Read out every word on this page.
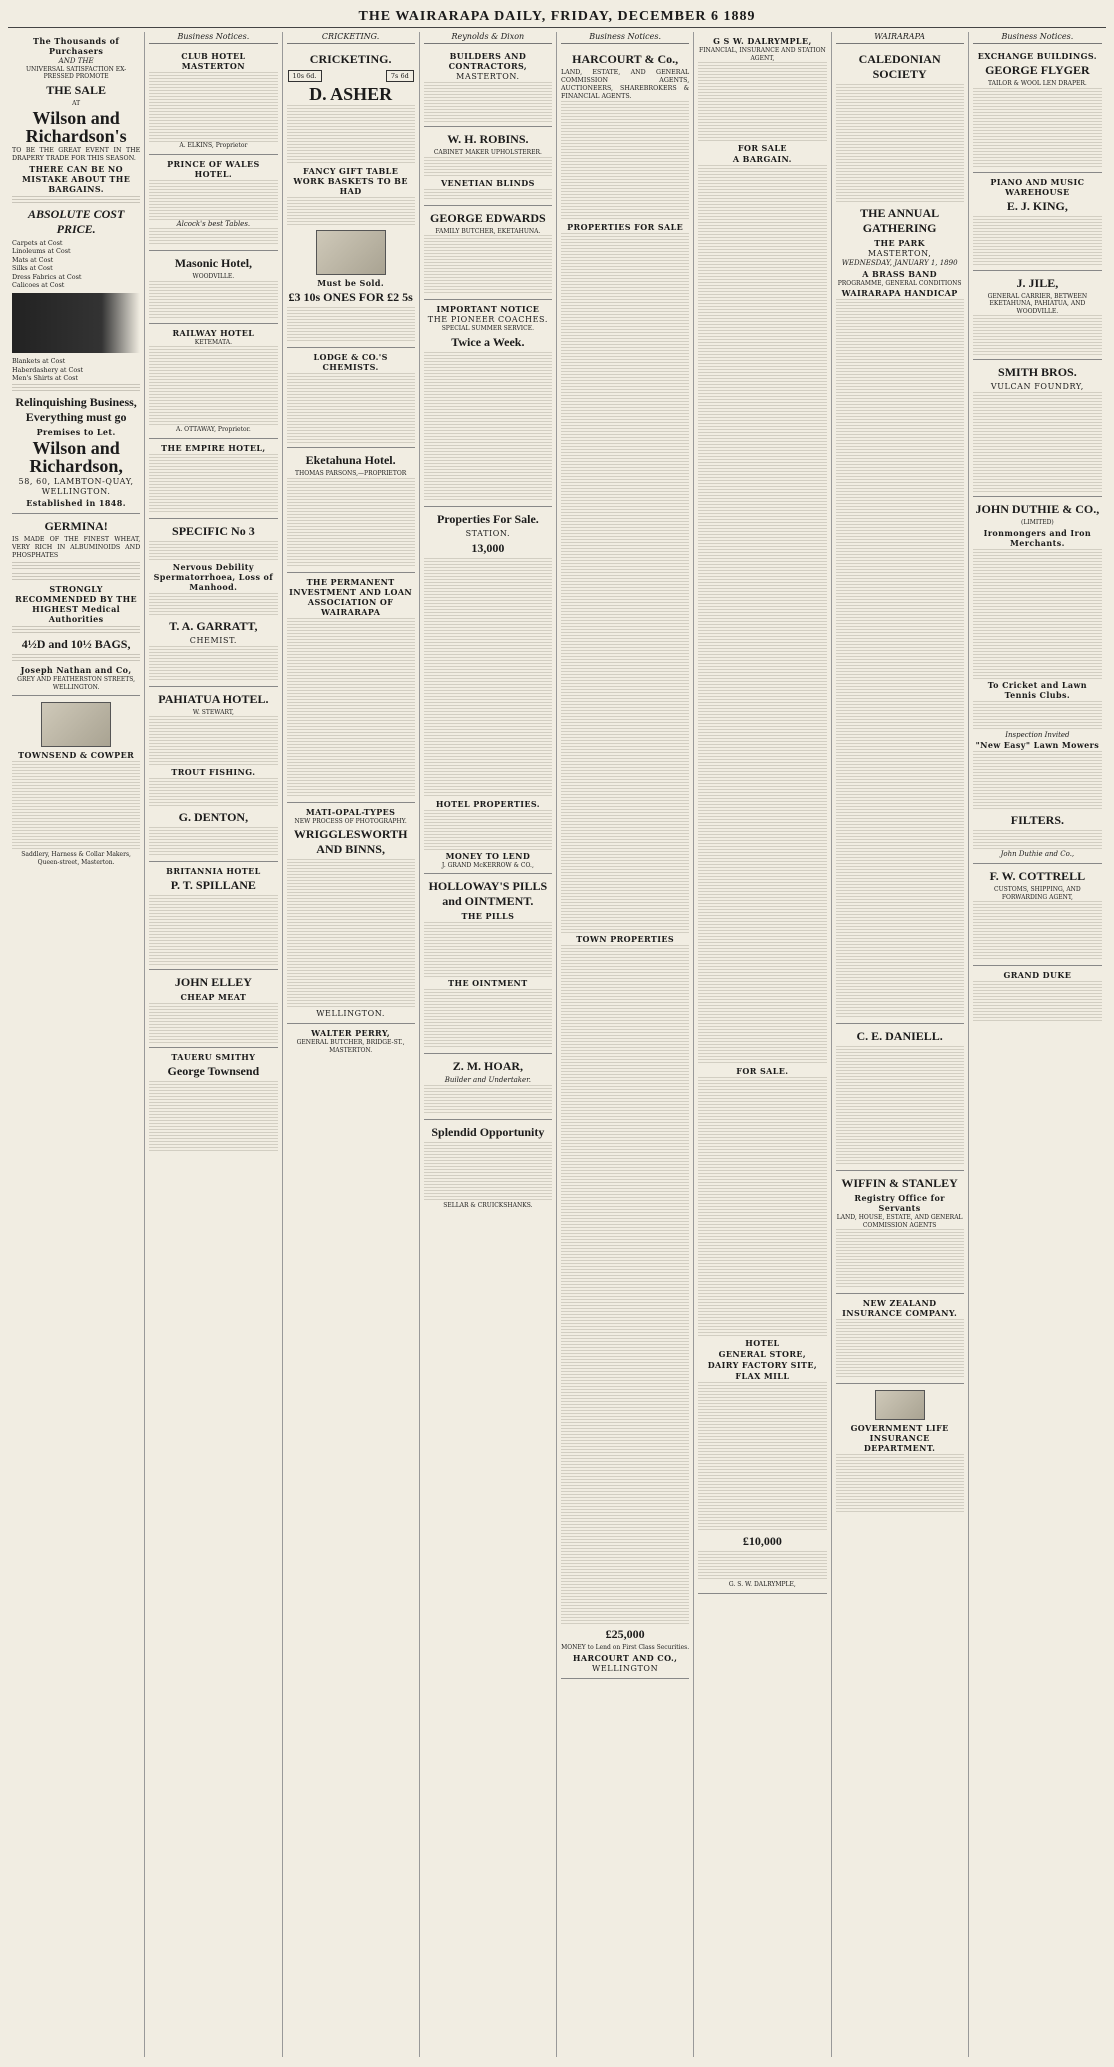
THE WAIRARAPA DAILY, FRIDAY, DECEMBER 6 1889
The Thousands of Purchasers
AND THE
UNIVERSAL SATISFACTION EX-
PRESSED PROMOTE
THE SALE
AT
Wilson and Richardson's

TO BE THE GREAT EVENT IN THE DRAPERY TRADE FOR THIS SEASON.

THERE CAN BE NO MISTAKE ABOUT THE BARGAINS.
ABSOLUTE COST PRICE.
Carpets at Cost
Linoleums at Cost
Mats at Cost
Silks at Cost
Dress Fabrics at Cost
Calicoes at Cost
Blankets at Cost
Haberdashery at Cost
Men's Shirts at Cost
Relinquishing Business, Everything must go
Premises to Let.
Wilson and Richardson,
58, 60, LAMBTON-QUAY, WELLINGTON.
Established in 1848.
GERMINA!

IS MADE OF THE FINEST WHEAT, VERY RICH IN ALBUMINOIDS AND PHOSPHATES

STRONGLY RECOMMENDED BY THE HIGHEST Medical Authorities
4½D and 10½ BAGS,
Joseph Nathan and Co,
GREY AND FEATHERSTON STREETS, WELLINGTON.
TOWNSEND & COWPER
Saddlery, Harness & Collar Makers, Queen-street, Masterton.
Business Notices.
CLUB HOTEL MASTERTON
A. ELKINS, Proprietor
PRINCE OF WALES HOTEL.
Alcock's best Tables.
Masonic Hotel,
WOODVILLE.
RAILWAY HOTEL
KETEMATA.
A. OTTAWAY, Proprietor.
THE EMPIRE HOTEL,
SPECIFIC No 3
Nervous Debility Spermatorrhoea, Loss of Manhood.
T. A. GARRATT,
CHEMIST.
PAHIATUA HOTEL.
W. STEWART,
TROUT FISHING.
G. DENTON,
BRITANNIA HOTEL
P. T. SPILLANE
JOHN ELLEY
CHEAP MEAT
TAUERU SMITHY
George Townsend
CRICKETING.
CRICKETING.
10s 6d.	7s 6d
D. ASHER
FANCY GIFT TABLE WORK BASKETS TO BE HAD
Must be Sold.
£3 10s ONES FOR £2 5s
LODGE & CO.'S CHEMISTS.
Eketahuna Hotel.
THOMAS PARSONS,—PROPRIETOR
THE PERMANENT INVESTMENT AND LOAN ASSOCIATION OF WAIRARAPA
MATI-OPAL-TYPES
NEW PROCESS OF PHOTOGRAPHY.
WRIGGLESWORTH AND BINNS,
WELLINGTON.
WALTER PERRY,
GENERAL BUTCHER, BRIDGE-ST., MASTERTON.
Reynolds & Dixon
BUILDERS AND CONTRACTORS,
MASTERTON.
W. H. ROBINS.
CABINET MAKER UPHOLSTERER.
VENETIAN BLINDS
GEORGE EDWARDS
FAMILY BUTCHER, EKETAHUNA.
IMPORTANT NOTICE
THE PIONEER COACHES.
SPECIAL SUMMER SERVICE.
Twice a Week.
Properties For Sale.
STATION.
13,000
HOTEL PROPERTIES.
MONEY TO LEND
J. GRAND McKERROW & CO.,
HOLLOWAY'S PILLS and OINTMENT.
THE PILLS
THE OINTMENT
Z. M. HOAR,
Builder and Undertaker.
Splendid Opportunity
SELLAR & CRUICKSHANKS.
Business Notices.
HARCOURT & Co.,

LAND, ESTATE, AND GENERAL COMMISSION AGENTS, AUCTIONEERS, SHAREBROKERS & FINANCIAL AGENTS.

PROPERTIES FOR SALE
TOWN PROPERTIES
£25,000
MONEY to Lend on First Class Securities.
HARCOURT AND CO.,
WELLINGTON
G S W. DALRYMPLE,
FINANCIAL, INSURANCE AND STATION AGENT,
FOR SALE
A BARGAIN.
FOR SALE.
HOTEL
GENERAL STORE,
DAIRY FACTORY SITE,
FLAX MILL
£10,000
G. S. W. DALRYMPLE,
WAIRARAPA
CALEDONIAN SOCIETY
THE ANNUAL GATHERING
THE PARK
MASTERTON,
WEDNESDAY, JANUARY 1, 1890
A BRASS BAND
PROGRAMME, GENERAL CONDITIONS
WAIRARAPA HANDICAP
C. E. DANIELL.
WIFFIN & STANLEY
Registry Office for Servants
LAND, HOUSE, ESTATE, AND GENERAL COMMISSION AGENTS
NEW ZEALAND INSURANCE COMPANY.
GOVERNMENT LIFE INSURANCE DEPARTMENT.
Business Notices.
EXCHANGE BUILDINGS.
GEORGE FLYGER
TAILOR & WOOL LEN DRAPER.
PIANO AND MUSIC WAREHOUSE
E. J. KING,
J. JILE,
GENERAL CARRIER, BETWEEN EKETAHUNA, PAHIATUA, AND WOODVILLE.
SMITH BROS.
VULCAN FOUNDRY,
JOHN DUTHIE & CO.,
(LIMITED)
Ironmongers and Iron Merchants.
To Cricket and Lawn Tennis Clubs.
Inspection Invited
"New Easy" Lawn Mowers
FILTERS.
John Duthie and Co.,
F. W. COTTRELL
CUSTOMS, SHIPPING, AND FORWARDING AGENT,
GRAND DUKE
